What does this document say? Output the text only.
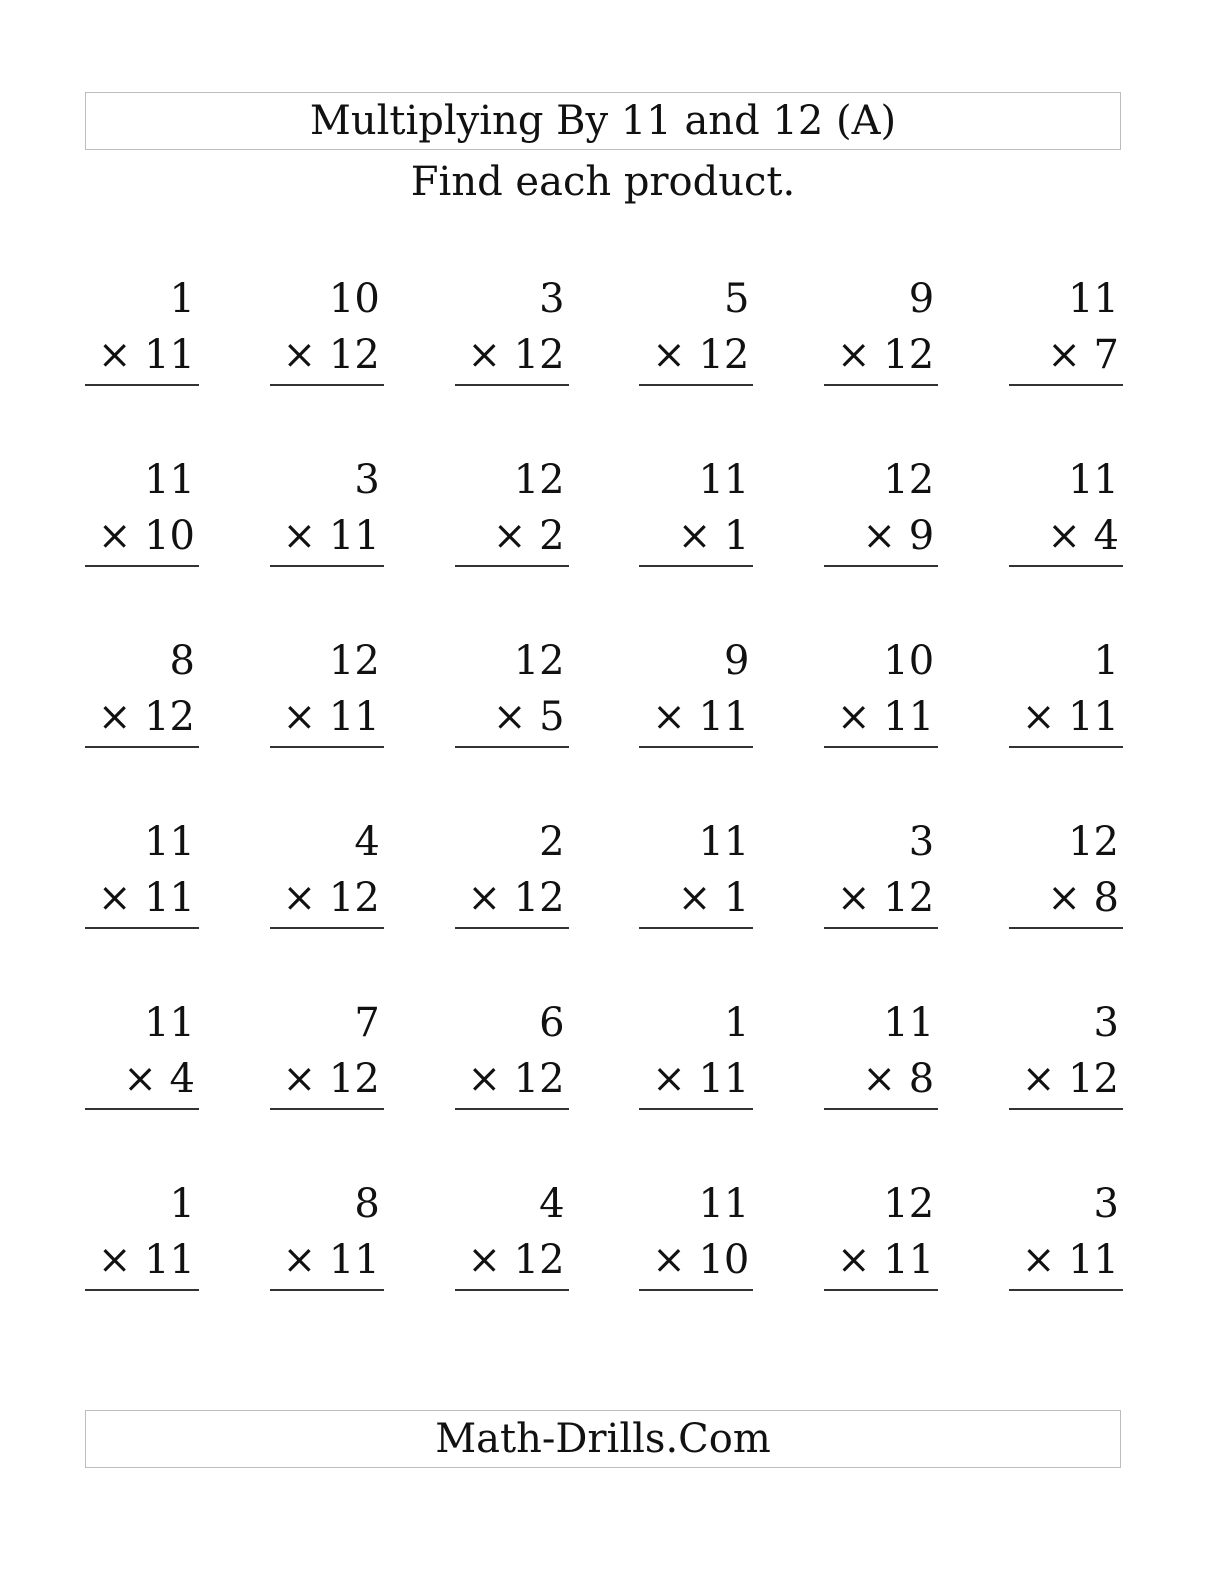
Multiplying By 11 and 12 (A)
Find each product.
1
× 11
10
× 12
3
× 12
5
× 12
9
× 12
11
× 7
11
× 10
3
× 11
12
× 2
11
× 1
12
× 9
11
× 4
8
× 12
12
× 11
12
× 5
9
× 11
10
× 11
1
× 11
11
× 11
4
× 12
2
× 12
11
× 1
3
× 12
12
× 8
11
× 4
7
× 12
6
× 12
1
× 11
11
× 8
3
× 12
1
× 11
8
× 11
4
× 12
11
× 10
12
× 11
3
× 11
Math-Drills.Com
